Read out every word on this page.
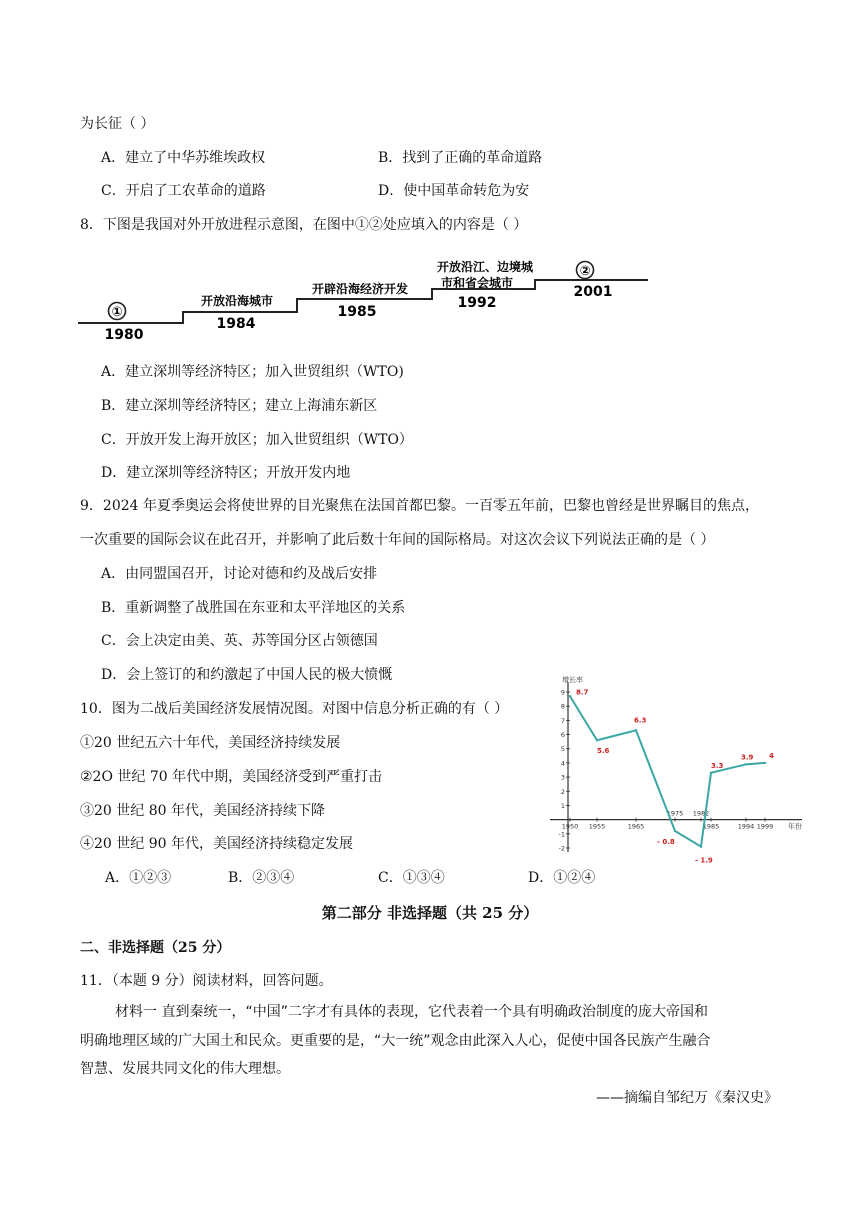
为长征（ ）
A．建立了中华苏维埃政权	B．找到了正确的革命道路
C．开启了工农革命的道路	D．使中国革命转危为安
8．下图是我国对外开放进程示意图，在图中①②处应填入的内容是（ ）
①
1980
开放沿海城市
1984
开辟沿海经济开发
1985
开放沿江、边境城
市和省会城市
1992
②
2001
A．建立深圳等经济特区；加入世贸组织（WTO)
B．建立深圳等经济特区；建立上海浦东新区
C．开放开发上海开放区；加入世贸组织（WTO）
D．建立深圳等经济特区；开放开发内地
9．2024 年夏季奥运会将使世界的目光聚焦在法国首都巴黎。一百零五年前，巴黎也曾经是世界瞩目的焦点，
一次重要的国际会议在此召开，并影响了此后数十年间的国际格局。对这次会议下列说法正确的是（ ）
A．由同盟国召开，讨论对德和约及战后安排
B．重新调整了战胜国在东亚和太平洋地区的关系
C．会上决定由美、英、苏等国分区占领德国
D．会上签订的和约激起了中国人民的极大愤慨
10．图为二战后美国经济发展情况图。对图中信息分析正确的有（ ）
①20 世纪五六十年代，美国经济持续发展
②2O 世纪 70 年代中期，美国经济受到严重打击
③20 世纪 80 年代，美国经济持续下降
④20 世纪 90 年代，美国经济持续稳定发展
A．①②③	B．②③④	C．①③④	D．①②④
增长率
年份
-2
-1
1
2
3
4
5
6
7
8
9
1950 1955	1965
1975 1982
1985	1994 1999
8.7
5.6
6.3
- 0.8
- 1.9
3.3
3.9 4
第二部分 非选择题（共 25 分）
二、非选择题（25 分）
11．（本题 9 分）阅读材料，回答问题。
材料一 直到秦统一，“中国”二字才有具体的表现，它代表着一个具有明确政治制度的庞大帝国和
明确地理区域的广大国土和民众。更重要的是，“大一统”观念由此深入人心，促使中国各民族产生融合
智慧、发展共同文化的伟大理想。
——摘编自邹纪万《秦汉史》
